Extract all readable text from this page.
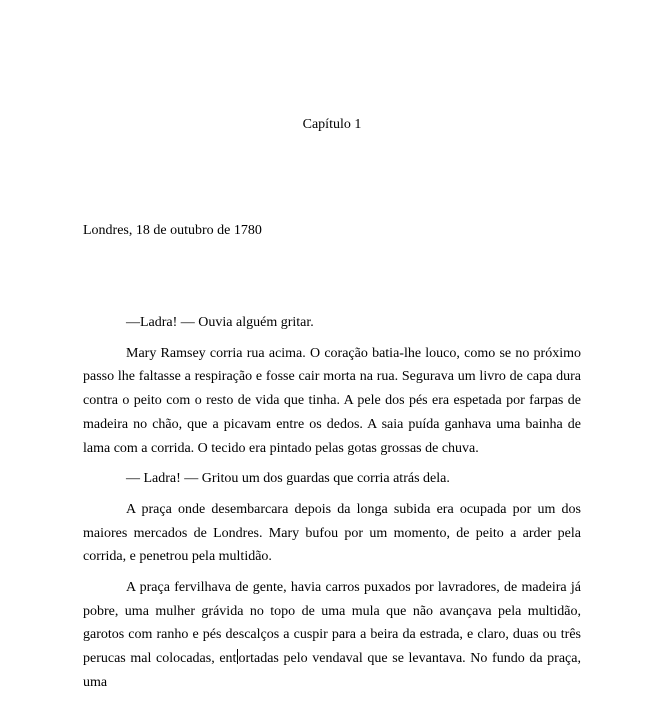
Capítulo 1

Londres, 18 de outubro de 1780

—Ladra! — Ouvia alguém gritar.

Mary Ramsey corria rua acima. O coração batia-lhe louco, como se no próximo passo lhe faltasse a respiração e fosse cair morta na rua. Segurava um livro de capa dura contra o peito com o resto de vida que tinha. A pele dos pés era espetada por farpas de madeira no chão, que a picavam entre os dedos. A saia puída ganhava uma bainha de lama com a corrida. O tecido era pintado pelas gotas grossas de chuva.

— Ladra! — Gritou um dos guardas que corria atrás dela.

A praça onde desembarcara depois da longa subida era ocupada por um dos maiores mercados de Londres. Mary bufou por um momento, de peito a arder pela corrida, e penetrou pela multidão.

A praça fervilhava de gente, havia carros puxados por lavradores, de madeira já pobre, uma mulher grávida no topo de uma mula que não avançava pela multidão, garotos com ranho e pés descalços a cuspir para a beira da estrada, e claro, duas ou três perucas mal colocadas, ent ortadas pelo vendaval que se levantava. No fundo da praça, uma
